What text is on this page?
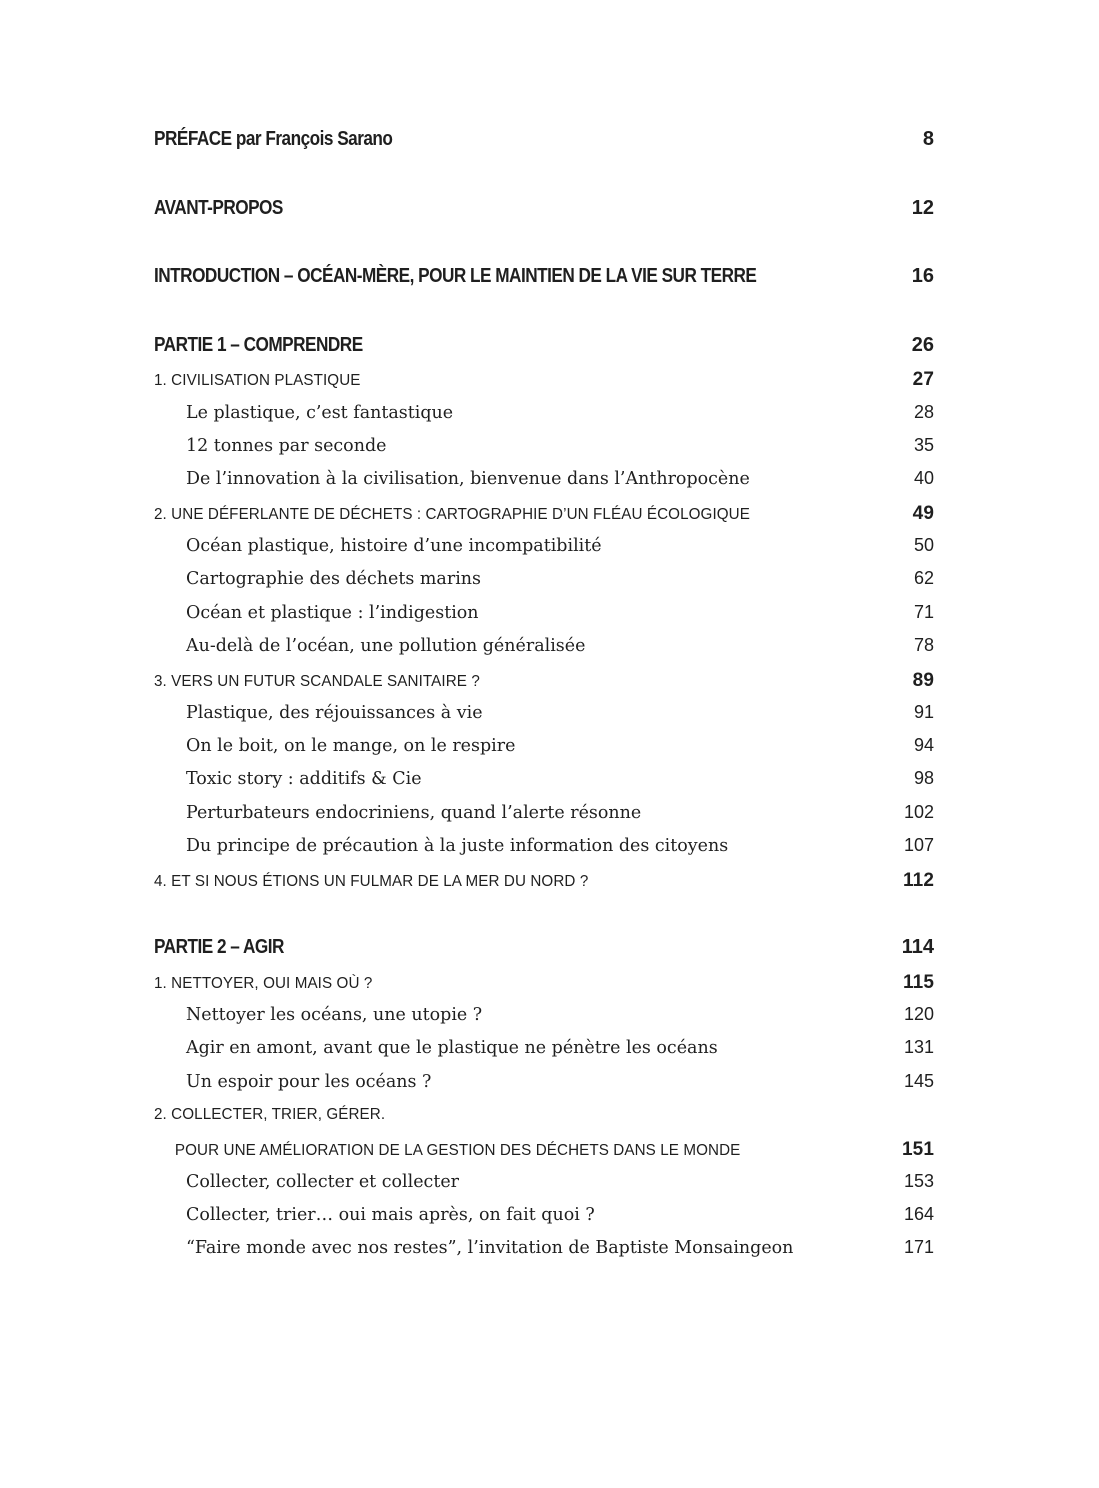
PRÉFACE par François Sarano	8
AVANT-PROPOS	12
INTRODUCTION – OCÉAN-MÈRE, POUR LE MAINTIEN DE LA VIE SUR TERRE	16
PARTIE 1 – COMPRENDRE	26
1. CIVILISATION PLASTIQUE	27
Le plastique, c’est fantastique	28
12 tonnes par seconde	35
De l’innovation à la civilisation, bienvenue dans l’Anthropocène	40
2. UNE DÉFERLANTE DE DÉCHETS : CARTOGRAPHIE D’UN FLÉAU ÉCOLOGIQUE	49
Océan plastique, histoire d’une incompatibilité	50
Cartographie des déchets marins	62
Océan et plastique : l’indigestion	71
Au-delà de l’océan, une pollution généralisée	78
3. VERS UN FUTUR SCANDALE SANITAIRE ?	89
Plastique, des réjouissances à vie	91
On le boit, on le mange, on le respire	94
Toxic story : additifs & Cie	98
Perturbateurs endocriniens, quand l’alerte résonne	102
Du principe de précaution à la juste information des citoyens	107
4. ET SI NOUS ÉTIONS UN FULMAR DE LA MER DU NORD ?	112
PARTIE 2 – AGIR	114
1. NETTOYER, OUI MAIS OÙ ?	115
Nettoyer les océans, une utopie ?	120
Agir en amont, avant que le plastique ne pénètre les océans	131
Un espoir pour les océans ?	145
2. COLLECTER, TRIER, GÉRER.
POUR UNE AMÉLIORATION DE LA GESTION DES DÉCHETS DANS LE MONDE	151
Collecter, collecter et collecter	153
Collecter, trier… oui mais après, on fait quoi ?	164
“Faire monde avec nos restes”, l’invitation de Baptiste Monsaingeon	171
